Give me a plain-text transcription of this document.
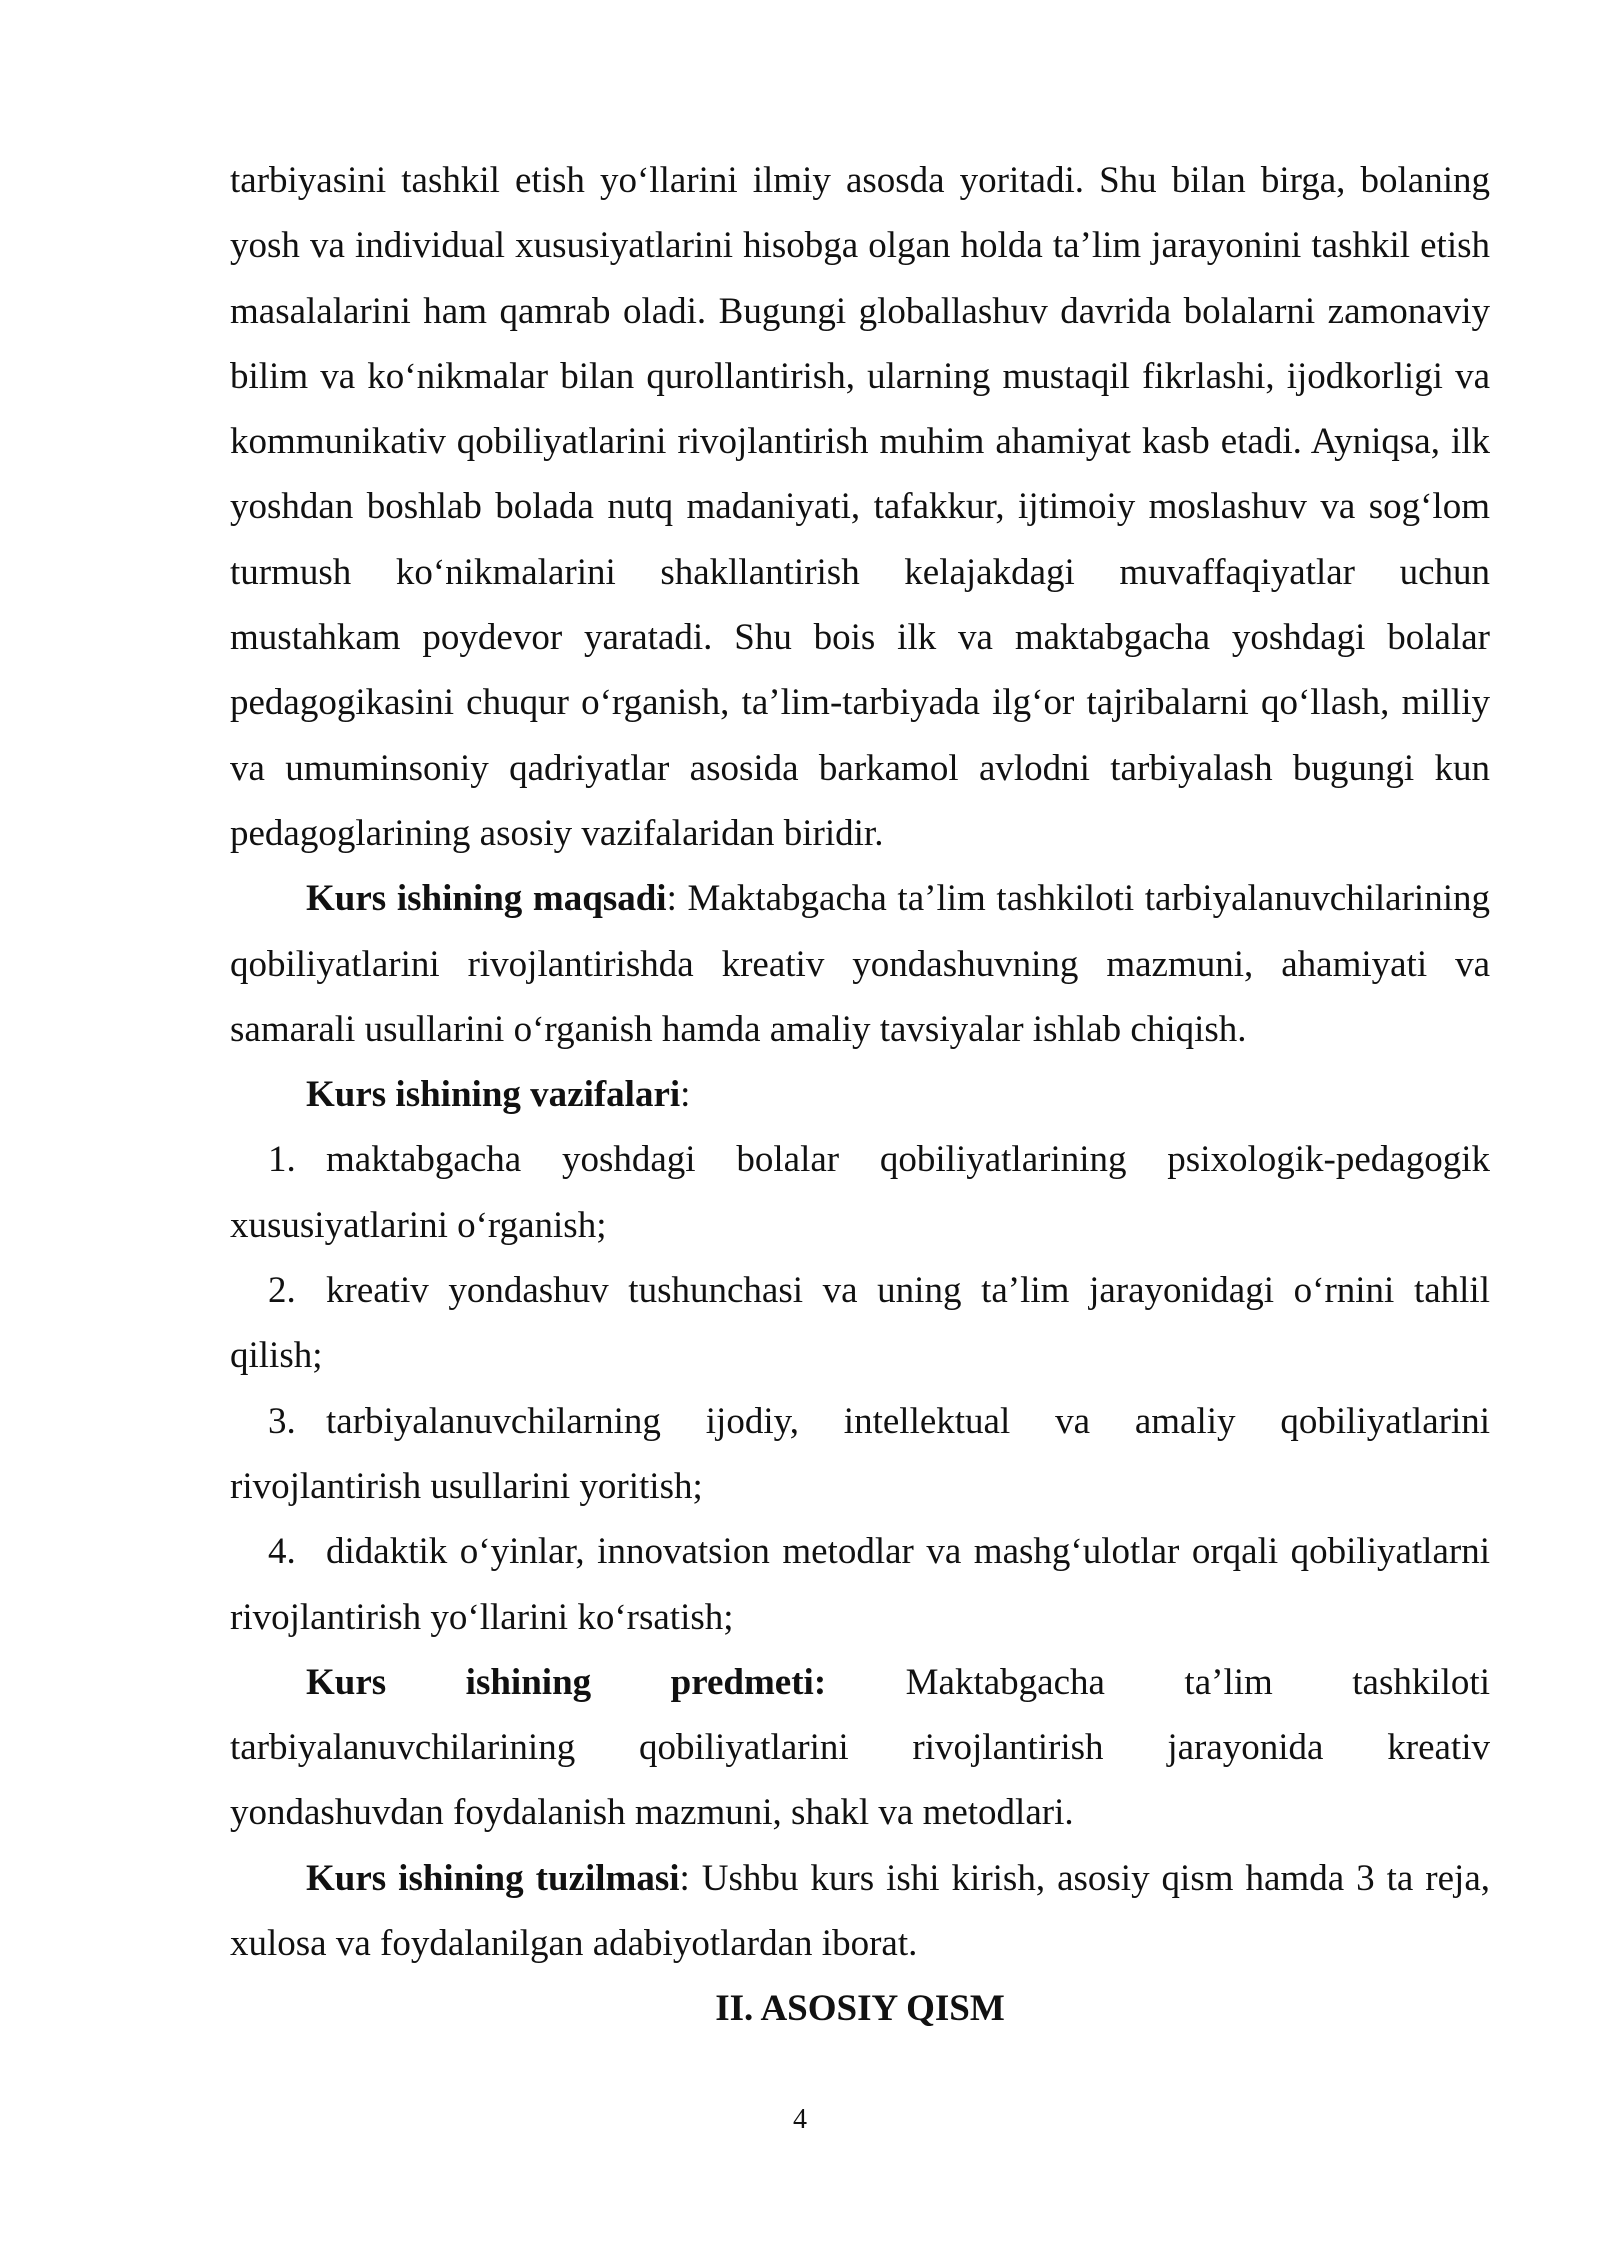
tarbiyasini tashkil etish yo‘llarini ilmiy asosda yoritadi. Shu bilan birga, bolaning yosh va individual xususiyatlarini hisobga olgan holda ta’lim jarayonini tashkil etish masalalarini ham qamrab oladi. Bugungi globallashuv davrida bolalarni zamonaviy bilim va ko‘nikmalar bilan qurollantirish, ularning mustaqil fikrlashi, ijodkorligi va kommunikativ qobiliyatlarini rivojlantirish muhim ahamiyat kasb etadi. Ayniqsa, ilk yoshdan boshlab bolada nutq madaniyati, tafakkur, ijtimoiy moslashuv va sog‘lom turmush ko‘nikmalarini shakllantirish kelajakdagi muvaffaqiyatlar uchun mustahkam poydevor yaratadi. Shu bois ilk va maktabgacha yoshdagi bolalar pedagogikasini chuqur o‘rganish, ta’lim-tarbiyada ilg‘or tajribalarni qo‘llash, milliy va umuminsoniy qadriyatlar asosida barkamol avlodni tarbiyalash bugungi kun pedagoglarining asosiy vazifalaridan biridir.

Kurs ishining maqsadi: Maktabgacha ta’lim tashkiloti tarbiyalanuvchilarining qobiliyatlarini rivojlantirishda kreativ yondashuvning mazmuni, ahamiyati va samarali usullarini o‘rganish hamda amaliy tavsiyalar ishlab chiqish.

Kurs ishining vazifalari:

1. maktabgacha yoshdagi bolalar qobiliyatlarining psixologik-pedagogik xususiyatlarini o‘rganish;

2. kreativ yondashuv tushunchasi va uning ta’lim jarayonidagi o‘rnini tahlil qilish;

3. tarbiyalanuvchilarning ijodiy, intellektual va amaliy qobiliyatlarini rivojlantirish usullarini yoritish;

4. didaktik o‘yinlar, innovatsion metodlar va mashg‘ulotlar orqali qobiliyatlarni rivojlantirish yo‘llarini ko‘rsatish;

Kurs ishining predmeti: Maktabgacha ta’lim tashkiloti tarbiyalanuvchilarining qobiliyatlarini rivojlantirish jarayonida kreativ yondashuvdan foydalanish mazmuni, shakl va metodlari.

Kurs ishining tuzilmasi: Ushbu kurs ishi kirish, asosiy qism hamda 3 ta reja, xulosa va foydalanilgan adabiyotlardan iborat.

II. ASOSIY QISM

4
